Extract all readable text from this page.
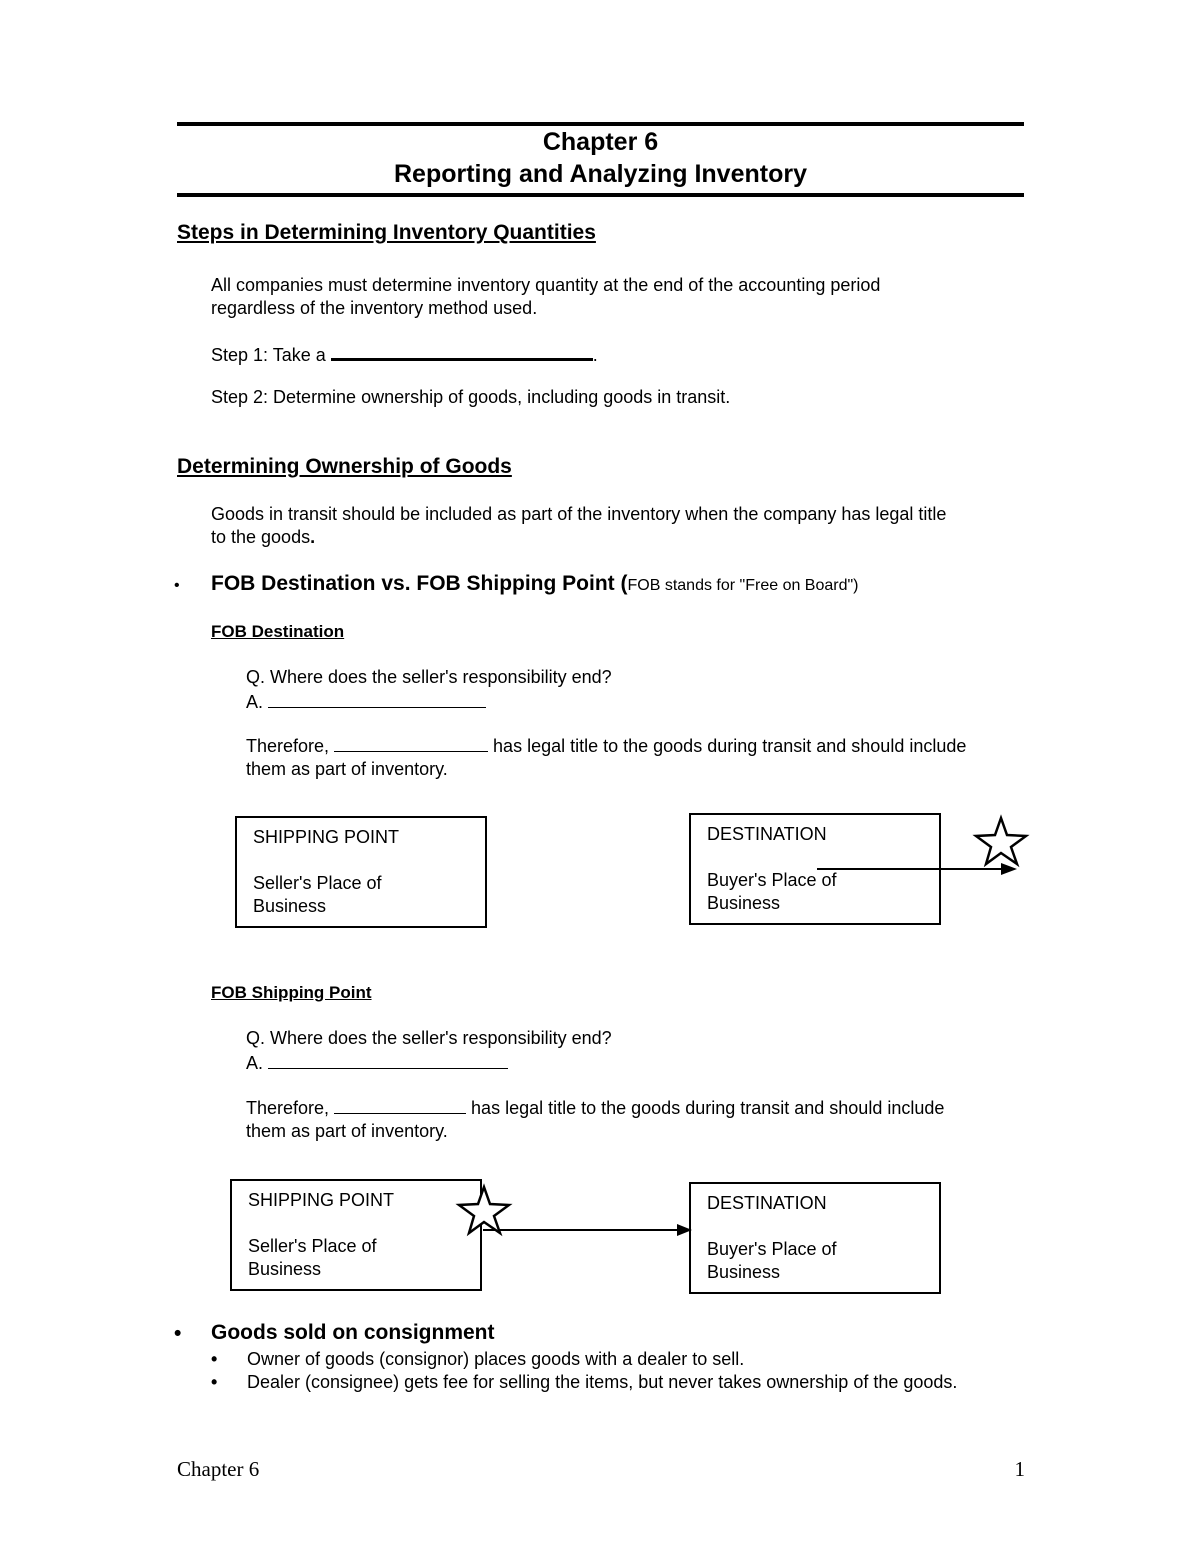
Chapter 6
Reporting and Analyzing Inventory
Steps in Determining Inventory Quantities
All companies must determine inventory quantity at the end of the accounting period
regardless of the inventory method used.
Step 1: Take a	.
Step 2: Determine ownership of goods, including goods in transit.
Determining Ownership of Goods
Goods in transit should be included as part of the inventory when the company has legal title
to the goods.
• FOB Destination vs. FOB Shipping Point (FOB stands for "Free on Board")
FOB Destination
Q. Where does the seller's responsibility end?
A.
Therefore,	has legal title to the goods during transit and should include
them as part of inventory.
SHIPPING POINT
Seller's Place of
Business
DESTINATION
Buyer's Place of
Business
FOB Shipping Point
Q. Where does the seller's responsibility end?
A.
Therefore,	has legal title to the goods during transit and should include
them as part of inventory.
SHIPPING POINT
Seller's Place of
Business
DESTINATION
Buyer's Place of
Business
• Goods sold on consignment
• Owner of goods (consignor) places goods with a dealer to sell.
• Dealer (consignee) gets fee for selling the items, but never takes ownership of the goods.
Chapter 6	1
